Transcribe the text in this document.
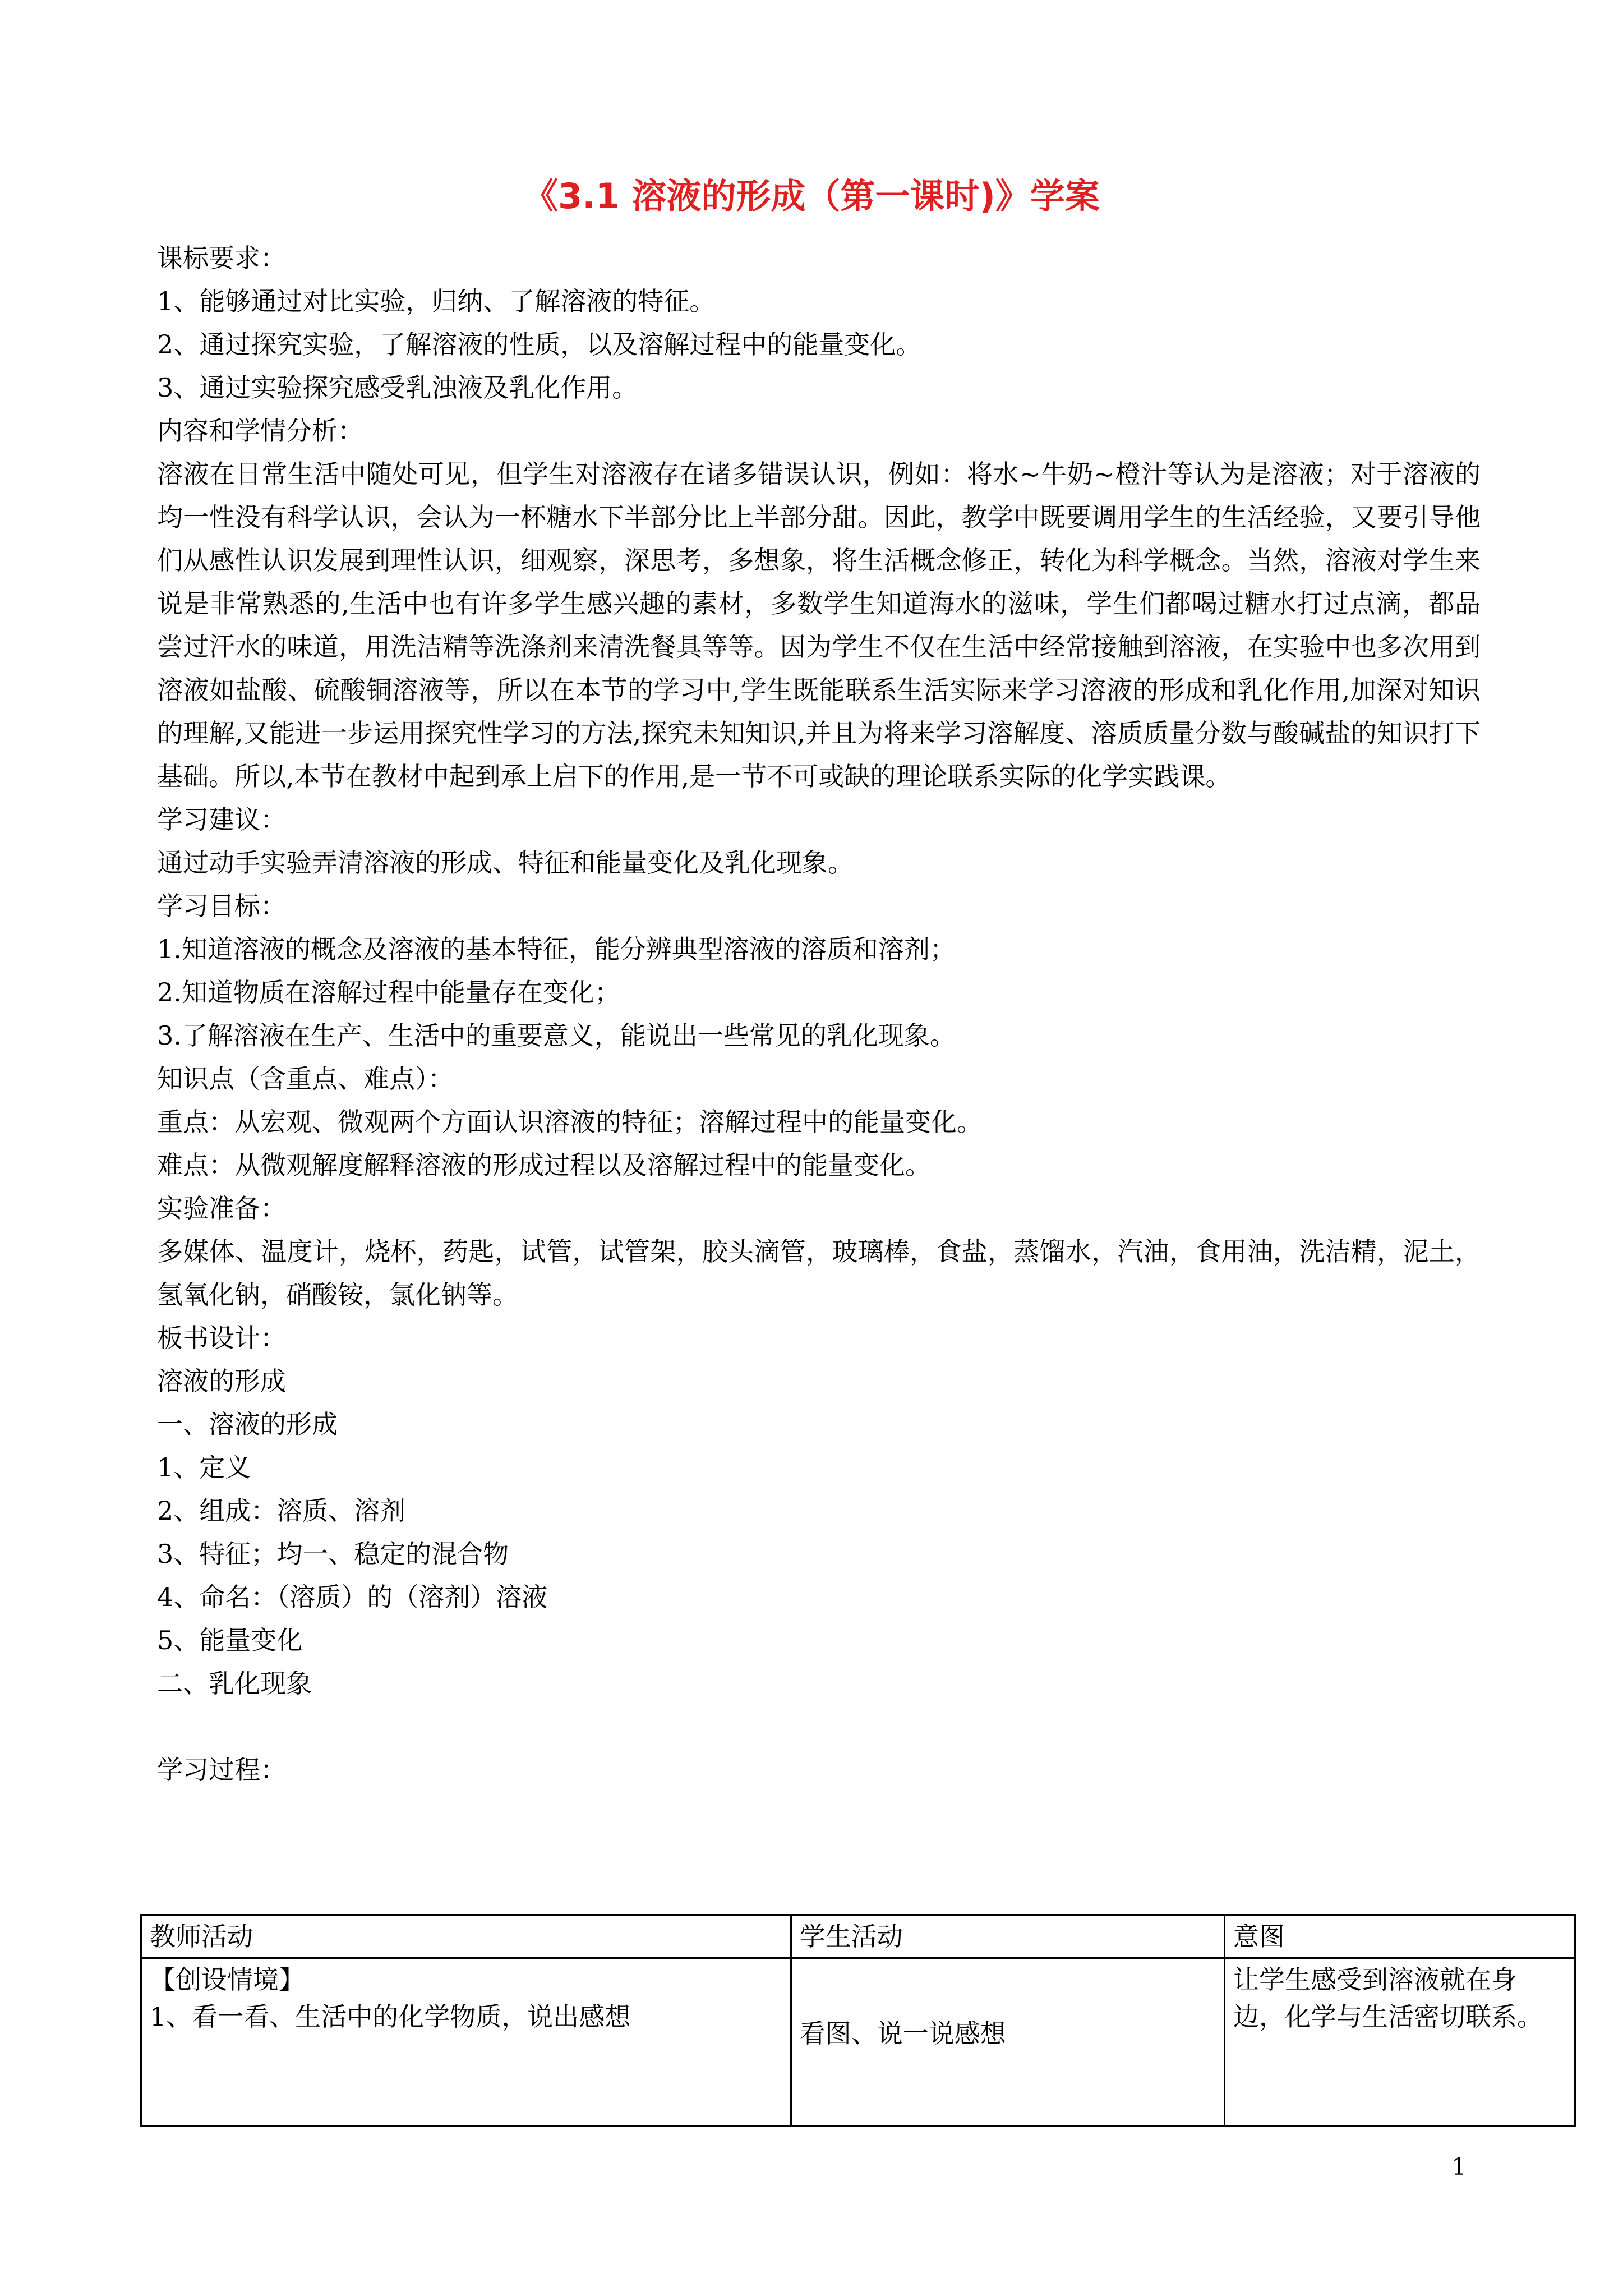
《3.1 溶液的形成（第一课时)》学案

课标要求：

1、能够通过对比实验，归纳、了解溶液的特征。

2、通过探究实验，了解溶液的性质，以及溶解过程中的能量变化。

3、通过实验探究感受乳浊液及乳化作用。

内容和学情分析：

溶液在日常生活中随处可见，但学生对溶液存在诸多错误认识，例如：将水~牛奶~橙汁等认为是溶液；对于溶液的均一性没有科学认识，会认为一杯糖水下半部分比上半部分甜。因此，教学中既要调用学生的生活经验，又要引导他们从感性认识发展到理性认识，细观察，深思考，多想象，将生活概念修正，转化为科学概念。当然，溶液对学生来说是非常熟悉的,生活中也有许多学生感兴趣的素材，多数学生知道海水的滋味，学生们都喝过糖水打过点滴，都品尝过汗水的味道，用洗洁精等洗涤剂来清洗餐具等等。因为学生不仅在生活中经常接触到溶液，在实验中也多次用到溶液如盐酸、硫酸铜溶液等，所以在本节的学习中,学生既能联系生活实际来学习溶液的形成和乳化作用,加深对知识的理解,又能进一步运用探究性学习的方法,探究未知知识,并且为将来学习溶解度、溶质质量分数与酸碱盐的知识打下基础。所以,本节在教材中起到承上启下的作用,是一节不可或缺的理论联系实际的化学实践课。

学习建议：

通过动手实验弄清溶液的形成、特征和能量变化及乳化现象。

学习目标：

1.知道溶液的概念及溶液的基本特征，能分辨典型溶液的溶质和溶剂；

2.知道物质在溶解过程中能量存在变化；

3.了解溶液在生产、生活中的重要意义，能说出一些常见的乳化现象。

知识点（含重点、难点）：

重点：从宏观、微观两个方面认识溶液的特征；溶解过程中的能量变化。

难点：从微观解度解释溶液的形成过程以及溶解过程中的能量变化。

实验准备：

多媒体、温度计，烧杯，药匙，试管，试管架，胶头滴管，玻璃棒，食盐，蒸馏水，汽油，食用油，洗洁精，泥土，氢氧化钠，硝酸铵，氯化钠等。

板书设计：

溶液的形成

一、溶液的形成

1、定义

2、组成：溶质、溶剂

3、特征；均一、稳定的混合物

4、命名：（溶质）的（溶剂）溶液

5、能量变化

二、乳化现象

学习过程：

教师活动	学生活动	意图

【创设情境】
1、看一看、生活中的化学物质，说出感想	看图、说一说感想	让学生感受到溶液就在身边，化学与生活密切联系。
1
